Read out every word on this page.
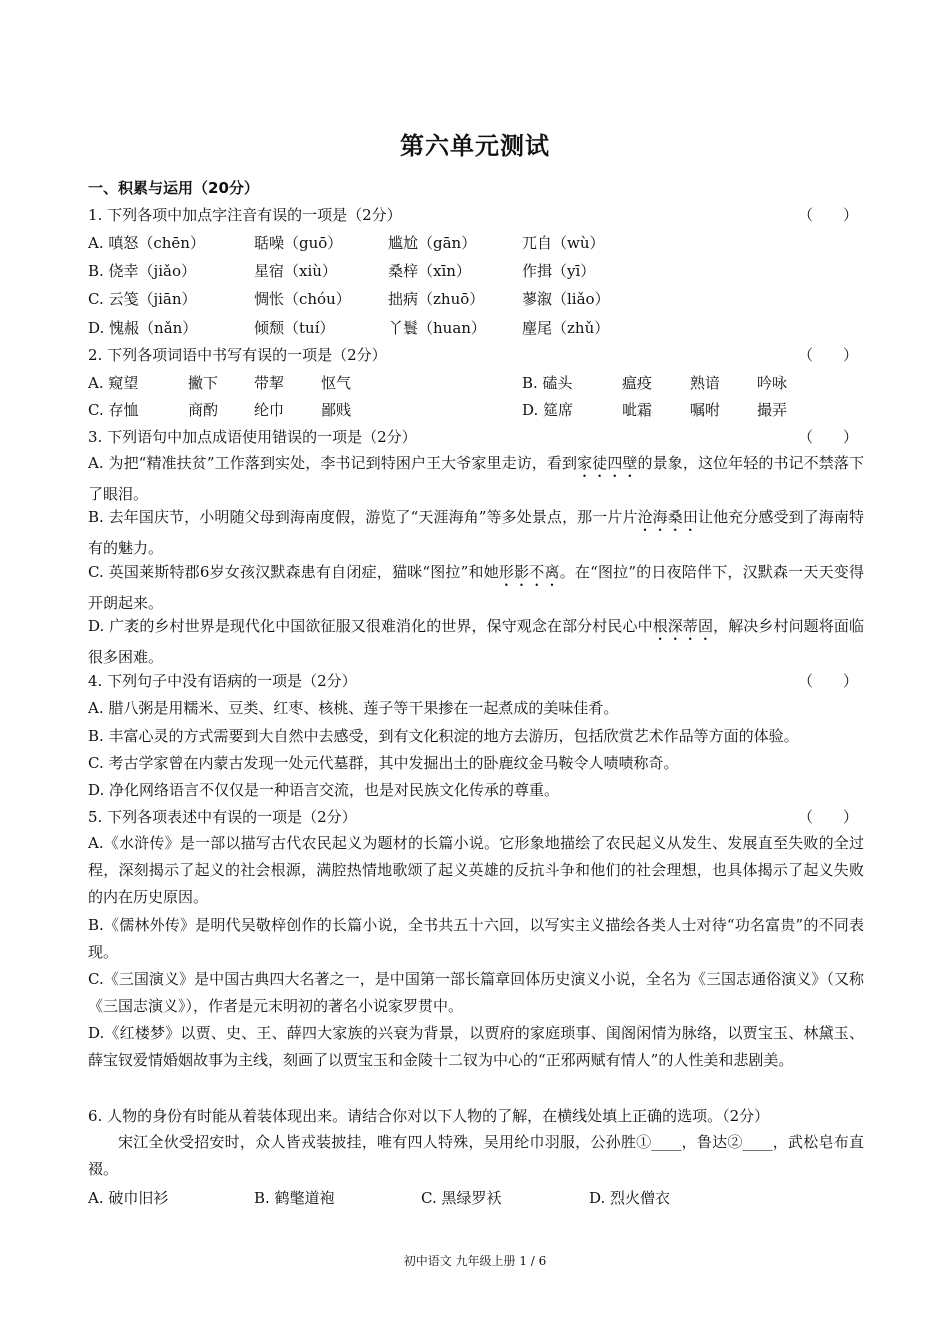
第六单元测试
一、积累与运用（20分）
1. 下列各项中加点字注音有误的一项是（2分）	（　　）
A. 嗔怒（chēn）	聒噪（guō）	尴尬（gān）	兀自（wù）
B. 侥幸（jiǎo）	星宿（xiù）	桑梓（xīn）	作揖（yī）
C. 云笺（jiān）	惆怅（chóu） 拙病（zhuō）	蓼溆（liǎo）
D. 愧赧（nǎn）	倾颓（tuí）	丫鬟（huan） 麈尾（zhǔ）
2. 下列各项词语中书写有误的一项是（2分）	（　　）
A. 窥望	撇下 带挈 怄气	B. 磕头	瘟疫	熟谙 吟咏
C. 存恤	商酌 纶巾 鄙贱	D. 筵席	呲霜	嘱咐 撮弄
3. 下列语句中加点成语使用错误的一项是（2分）	（　　）
A. 为把“精准扶贫”工作落到实处，李书记到特困户王大爷家里走访，看到家徒四壁的景象，这位年轻的书记不禁落下了眼泪。
B. 去年国庆节，小明随父母到海南度假，游览了“天涯海角”等多处景点，那一片片沧海桑田让他充分感受到了海南特有的魅力。
C. 英国莱斯特郡6岁女孩汉默森患有自闭症，猫咪“图拉”和她形影不离。在“图拉”的日夜陪伴下，汉默森一天天变得开朗起来。
D. 广袤的乡村世界是现代化中国欲征服又很难消化的世界，保守观念在部分村民心中根深蒂固，解决乡村问题将面临很多困难。
4. 下列句子中没有语病的一项是（2分）	（　　）
A. 腊八粥是用糯米、豆类、红枣、核桃、莲子等干果掺在一起煮成的美味佳肴。
B. 丰富心灵的方式需要到大自然中去感受，到有文化积淀的地方去游历，包括欣赏艺术作品等方面的体验。
C. 考古学家曾在内蒙古发现一处元代墓群，其中发掘出土的卧鹿纹金马鞍令人啧啧称奇。
D. 净化网络语言不仅仅是一种语言交流，也是对民族文化传承的尊重。
5. 下列各项表述中有误的一项是（2分）	（　　）
A.《水浒传》是一部以描写古代农民起义为题材的长篇小说。它形象地描绘了农民起义从发生、发展直至失败的全过程，深刻揭示了起义的社会根源，满腔热情地歌颂了起义英雄的反抗斗争和他们的社会理想，也具体揭示了起义失败的内在历史原因。
B.《儒林外传》是明代吴敬梓创作的长篇小说，全书共五十六回，以写实主义描绘各类人士对待“功名富贵”的不同表现。
C.《三国演义》是中国古典四大名著之一，是中国第一部长篇章回体历史演义小说，全名为《三国志通俗演义》（又称《三国志演义》），作者是元末明初的著名小说家罗贯中。
D.《红楼梦》以贾、史、王、薛四大家族的兴衰为背景，以贾府的家庭琐事、闺阁闲情为脉络，以贾宝玉、林黛玉、薛宝钗爱情婚姻故事为主线，刻画了以贾宝玉和金陵十二钗为中心的“正邪两赋有情人”的人性美和悲剧美。
6. 人物的身份有时能从着装体现出来。请结合你对以下人物的了解，在横线处填上正确的选项。（2分）
宋江全伙受招安时，众人皆戎装披挂，唯有四人特殊，吴用纶巾羽服，公孙胜①____，鲁达②____，武松皂布直裰。
A. 破巾旧衫	B. 鹤氅道袍	C. 黑绿罗袄	D. 烈火僧衣
初中语文 九年级上册 1 / 6
